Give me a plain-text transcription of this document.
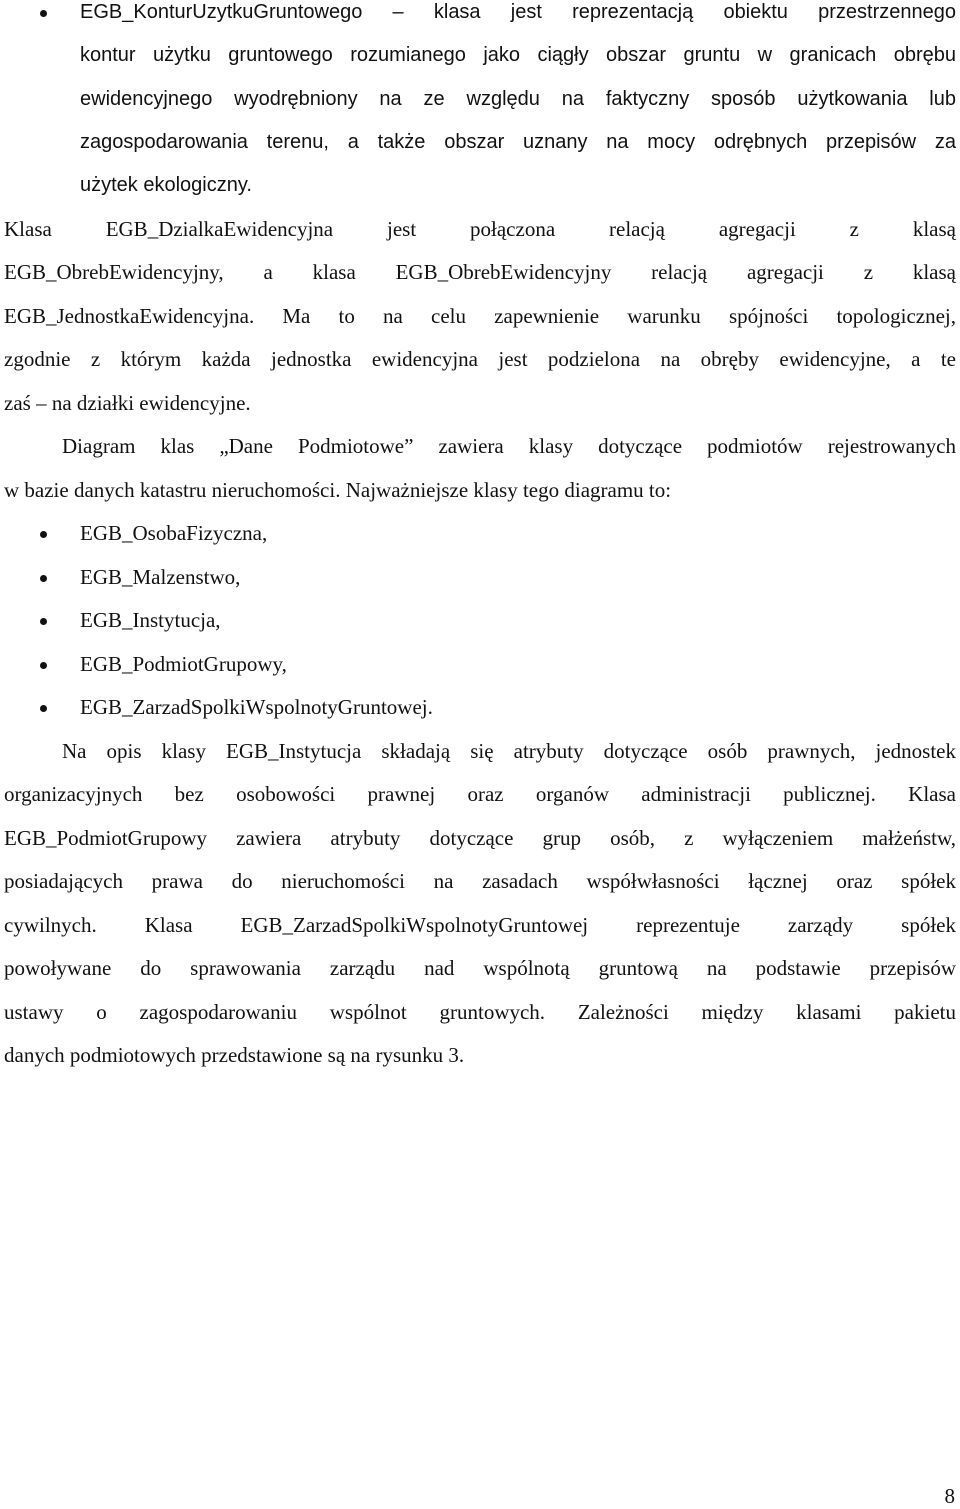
EGB_KonturUzytkuGruntowego – klasa jest reprezentacją obiektu przestrzennego
kontur użytku gruntowego rozumianego jako ciągły obszar gruntu w granicach obrębu
ewidencyjnego wyodrębniony na ze względu na faktyczny sposób użytkowania lub
zagospodarowania terenu, a także obszar uznany na mocy odrębnych przepisów za
użytek ekologiczny.
Klasa EGB_DzialkaEwidencyjna jest połączona relacją agregacji z klasą
EGB_ObrebEwidencyjny, a klasa EGB_ObrebEwidencyjny relacją agregacji z klasą
EGB_JednostkaEwidencyjna. Ma to na celu zapewnienie warunku spójności topologicznej,
zgodnie z którym każda jednostka ewidencyjna jest podzielona na obręby ewidencyjne, a te
zaś – na działki ewidencyjne.
Diagram klas „Dane Podmiotowe” zawiera klasy dotyczące podmiotów rejestrowanych
w bazie danych katastru nieruchomości. Najważniejsze klasy tego diagramu to:
EGB_OsobaFizyczna,
EGB_Malzenstwo,
EGB_Instytucja,
EGB_PodmiotGrupowy,
EGB_ZarzadSpolkiWspolnotyGruntowej.
Na opis klasy EGB_Instytucja składają się atrybuty dotyczące osób prawnych, jednostek
organizacyjnych bez osobowości prawnej oraz organów administracji publicznej. Klasa
EGB_PodmiotGrupowy zawiera atrybuty dotyczące grup osób, z wyłączeniem małżeństw,
posiadających prawa do nieruchomości na zasadach współwłasności łącznej oraz spółek
cywilnych. Klasa EGB_ZarzadSpolkiWspolnotyGruntowej reprezentuje zarządy spółek
powoływane do sprawowania zarządu nad wspólnotą gruntową na podstawie przepisów
ustawy o zagospodarowaniu wspólnot gruntowych. Zależności między klasami pakietu
danych podmiotowych przedstawione są na rysunku 3.
8
